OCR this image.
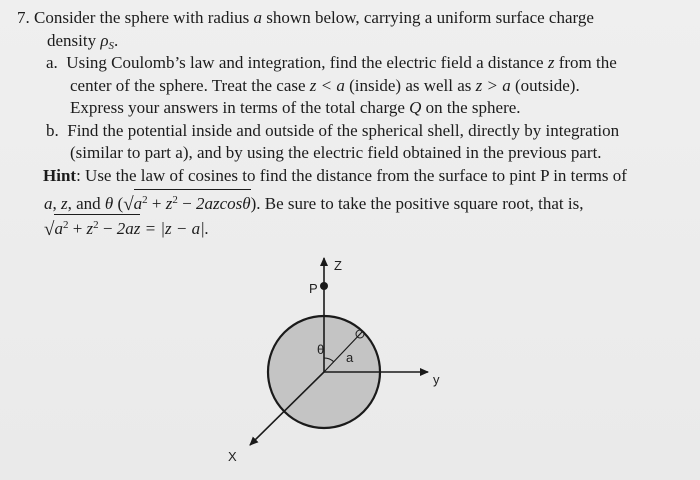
7. Consider the sphere with radius a shown below, carrying a uniform surface charge
density $\rho_S$.
a. Using Coulomb’s law and integration, find the electric field a distance z from the
center of the sphere. Treat the case z < a (inside) as well as z > a (outside).
Express your answers in terms of the total charge Q on the sphere.
b. Find the potential inside and outside of the spherical shell, directly by integration
(similar to part a), and by using the electric field obtained in the previous part.
Hint: Use the law of cosines to find the distance from the surface to pint P in terms of
a, z, and θ $(√a^2 + z^2 - 2azcos\theta)$. Be sure to take the positive square root, that is,
$√a^2 + z^2 - 2az = |z - a|$.
Z
P
y
X
θ
a
